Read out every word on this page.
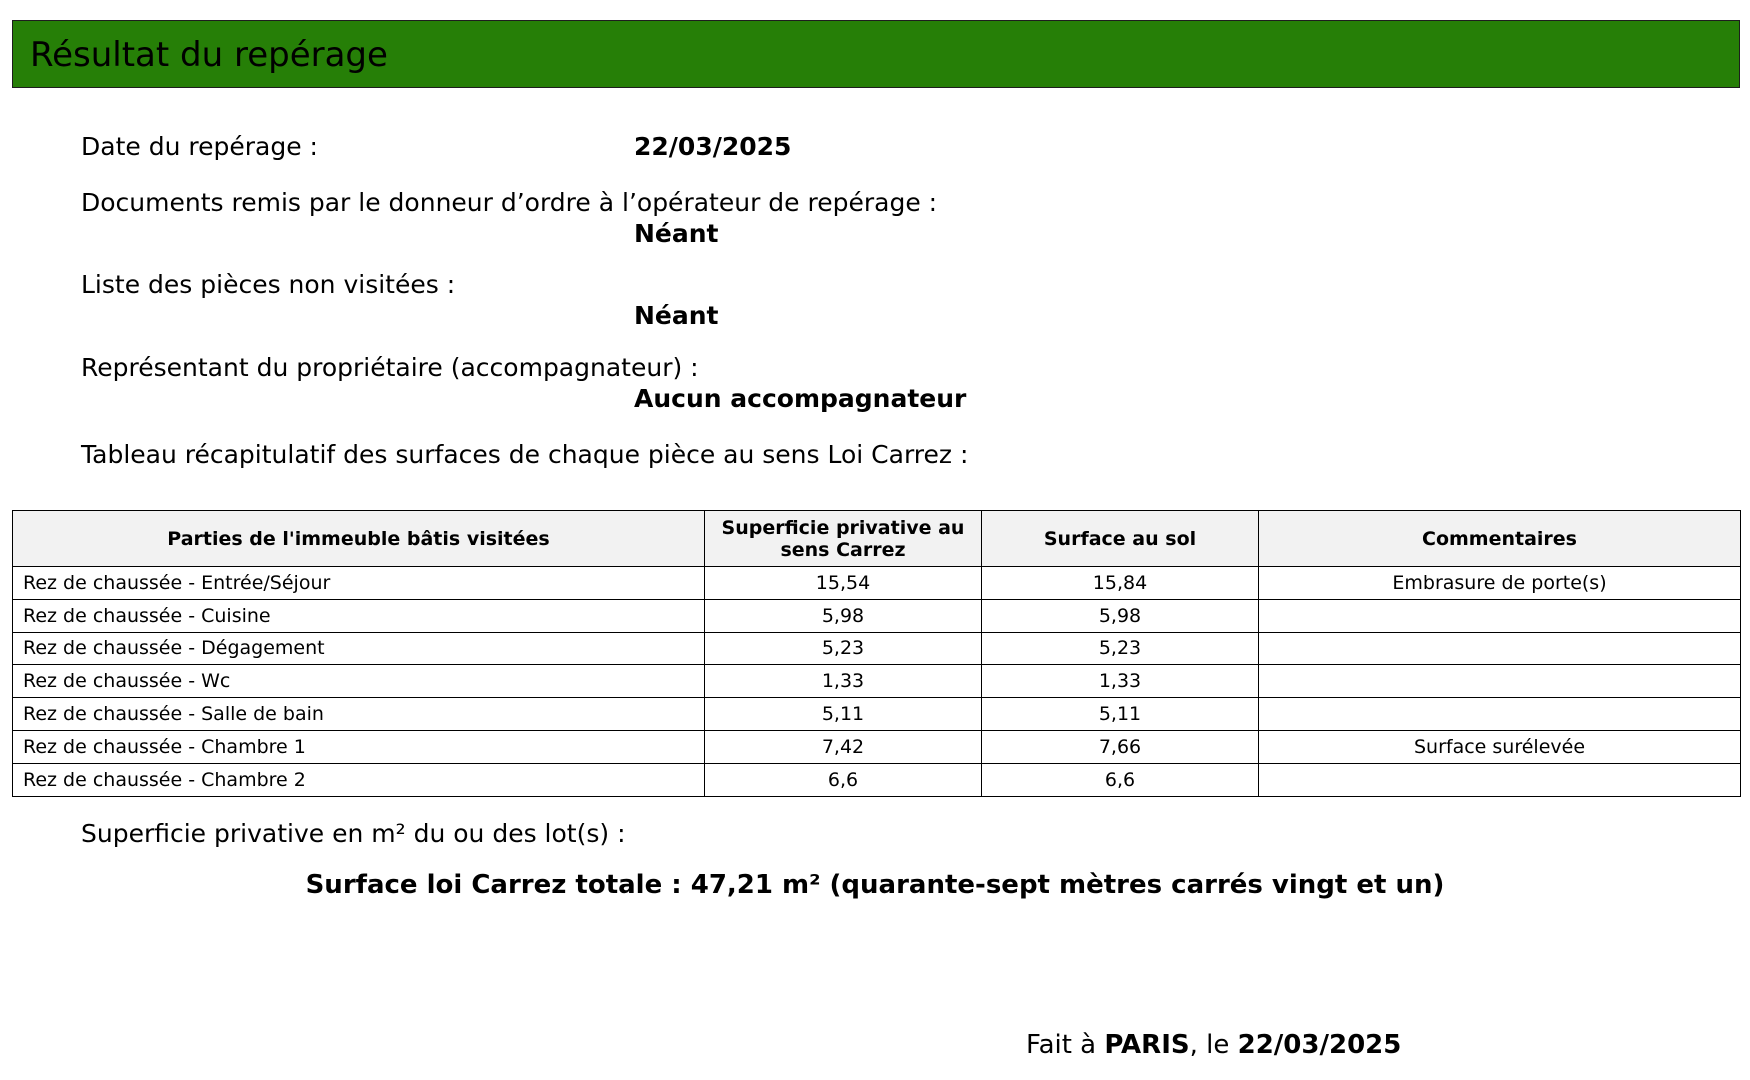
Résultat du repérage
Date du repérage :	22/03/2025
Documents remis par le donneur d’ordre à l’opérateur de repérage :
Néant
Liste des pièces non visitées :
Néant
Représentant du propriétaire (accompagnateur) :
Aucun accompagnateur
Tableau récapitulatif des surfaces de chaque pièce au sens Loi Carrez :
Parties de l'immeuble bâtis visitées	Superficie privative au sens Carrez	Surface au sol	Commentaires
Rez de chaussée - Entrée/Séjour	15,54	15,84	Embrasure de porte(s)
Rez de chaussée - Cuisine	5,98	5,98	
Rez de chaussée - Dégagement	5,23	5,23	
Rez de chaussée - Wc	1,33	1,33	
Rez de chaussée - Salle de bain	5,11	5,11	
Rez de chaussée - Chambre 1	7,42	7,66	Surface surélevée
Rez de chaussée - Chambre 2	6,6	6,6	
Superficie privative en m² du ou des lot(s) :
Surface loi Carrez totale : 47,21 m² (quarante-sept mètres carrés vingt et un)
Fait à PARIS, le 22/03/2025
